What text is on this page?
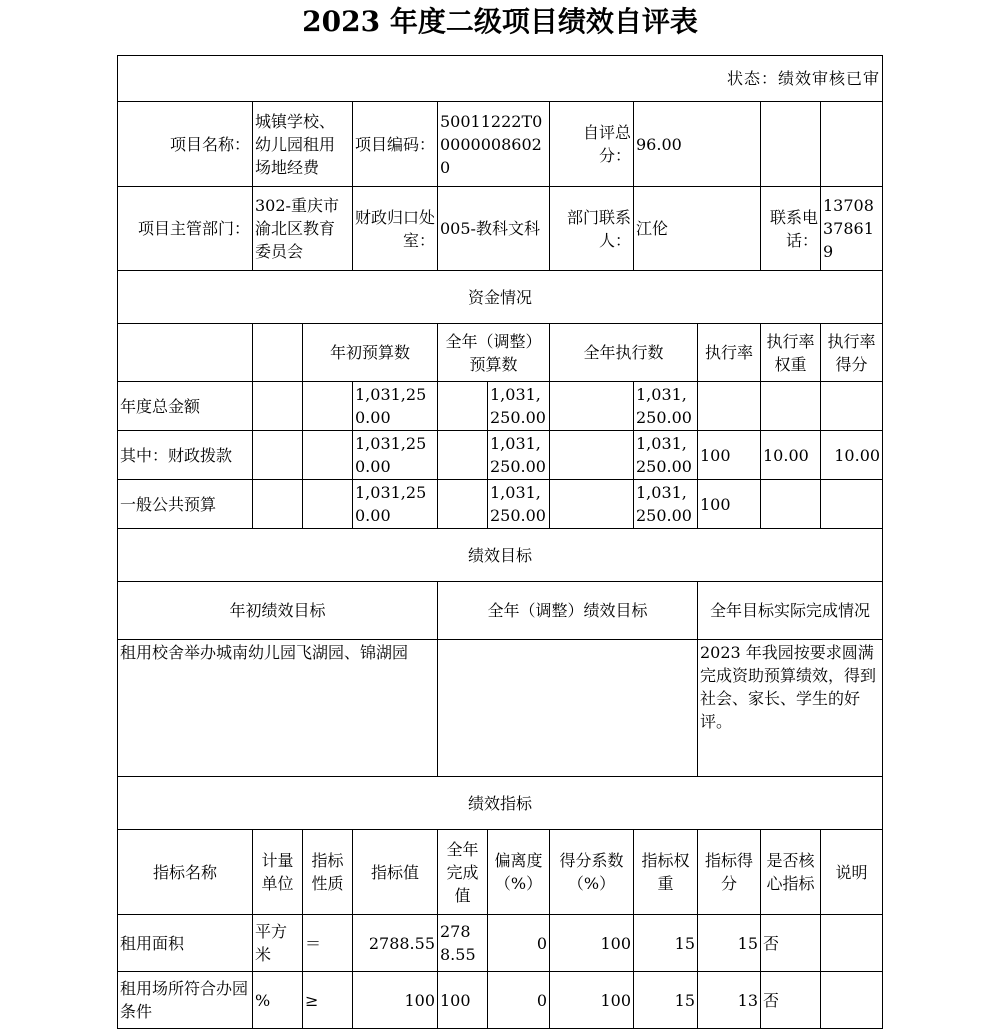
2023 年度二级项目绩效自评表
状态：绩效审核已审										
项目名称：	城镇学校、幼儿园租用场地经费		项目编码：	50011222T000000086020		自评总分：	96.00			
项目主管部门：	302-重庆市渝北区教育委员会		财政归口处室：	005-教科文科		部门联系人：	江伦		联系电话：	13708378619
资金情况										
		年初预算数		全年（调整）预算数		全年执行数		执行率	执行率权重	执行率得分
年度总金额			1,031,250.00		1,031,250.00		1,031,250.00			
其中：财政拨款			1,031,250.00		1,031,250.00		1,031,250.00	100	10.00	10.00
一般公共预算			1,031,250.00		1,031,250.00		1,031,250.00	100		
绩效目标										
年初绩效目标				全年（调整）绩效目标				全年目标实际完成情况		
租用校舍举办城南幼儿园飞湖园、锦湖园								2023 年我园按要求圆满完成资助预算绩效，得到社会、家长、学生的好评。		
绩效指标										
指标名称	计量单位	指标性质	指标值	全年完成值	偏离度（%）	得分系数（%）	指标权重	指标得分	是否核心指标	说明
租用面积	平方米	＝	2788.55	2788.55	0	100	15	15	否	
租用场所符合办园条件	%	≥	100	100	0	100	15	13	否	
